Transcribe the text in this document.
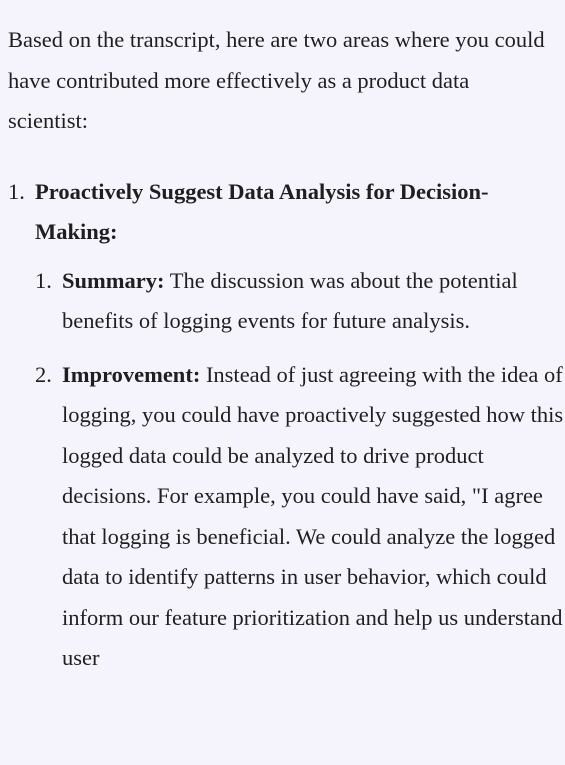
Based on the transcript, here are two areas where you could have contributed more effectively as a product data scientist:

1. Proactively Suggest Data Analysis for Decision-Making:
1. Summary: The discussion was about the potential benefits of logging events for future analysis.
2. Improvement: Instead of just agreeing with the idea of logging, you could have proactively suggested how this logged data could be analyzed to drive product decisions. For example, you could have said, "I agree that logging is beneficial. We could analyze the logged data to identify patterns in user behavior, which could inform our feature prioritization and help us understand user
